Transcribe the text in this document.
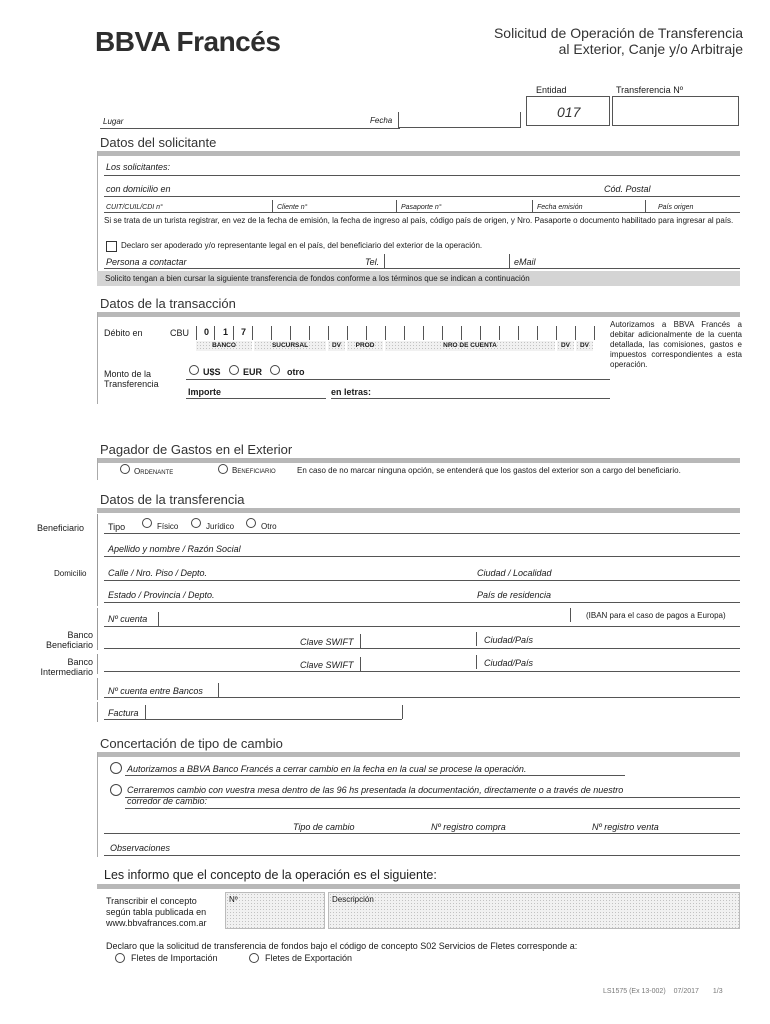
BBVA Francés	Solicitud de Operación de Transferencia
al Exterior, Canje y/o Arbitraje
Entidad	Transferencia Nº
017
Lugar	Fecha
Datos del solicitante
Los solicitantes:
con domicilio en	Cód. Postal
CUIT/CUIL/CDI n°	Cliente n°	Pasaporte n°	Fecha emisión	País origen
Si se trata de un turista registrar, en vez de la fecha de emisión, la fecha de ingreso al país, código país de origen, y Nro. Pasaporte o documento habilitado para ingresar al país.
Declaro ser apoderado y/o representante legal en el país, del beneficiario del exterior de la operación.
Persona a contactar	Tel.	eMail
Solicito tengan a bien cursar la siguiente transferencia de fondos conforme a los términos que se indican a continuación
Datos de la transacción
Débito en	CBU 0 1 7
BANCO	SUCURSAL	DV	PROD	NRO DE CUENTA	DV	DV
Autorizamos a BBVA Francés a debitar adicionalmente de la cuenta detallada, las comisiones, gastos e impuestos correspondientes a esta operación.
Monto de la Transferencia
U$S EUR	otro
Importe	en letras:
Pagador de Gastos en el Exterior
Ordenante	Beneficiario	En caso de no marcar ninguna opción, se entenderá que los gastos del exterior son a cargo del beneficiario.
Datos de la transferencia
Beneficiario	Tipo	Físico	Jurídico	Otro
Apellido y nombre / Razón Social
Domicilio Calle / Nro. Piso / Depto.	Ciudad / Localidad
Estado / Provincia / Depto.	País de residencia
Nº cuenta	(IBAN para el caso de pagos a Europa)
Banco
Beneficiario	Clave SWIFT	Ciudad/País
Banco
Intermediario
Clave SWIFT	Ciudad/País
Nº cuenta entre Bancos
Factura
Concertación de tipo de cambio
Autorizamos a BBVA Banco Francés a cerrar cambio en la fecha en la cual se procese la operación.
Cerraremos cambio con vuestra mesa dentro de las 96 hs presentada la documentación, directamente o a través de nuestro
corredor de cambio:
Tipo de cambio	Nº registro compra	Nº registro venta
Observaciones
Les informo que el concepto de la operación es el siguiente:
Transcribir el concepto
según tabla publicada en
www.bbvafrances.com.ar
Nº	Descripción
Declaro que la solicitud de transferencia de fondos bajo el código de concepto S02 Servicios de Fletes corresponde a:
Fletes de Importación	Fletes de Exportación
LS1575 (Ex 13-002) 07/2017 1/3
